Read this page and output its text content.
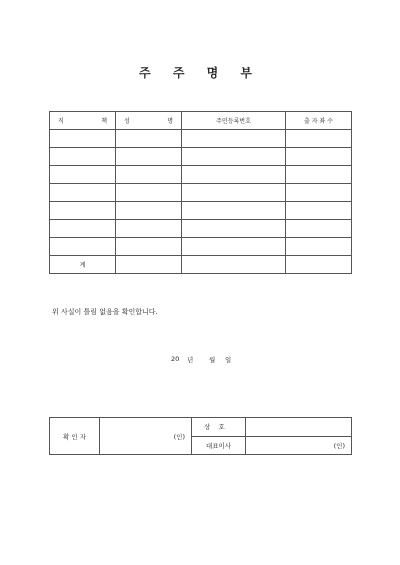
주 주 명 부
직 책	성 명	주민등록번호	출 자 좌 수

계			
위 사실이 틀림 없음을 확인합니다.
20	년	월	일
확 인 자	(인)	상    호	
		대표이사	(인)
